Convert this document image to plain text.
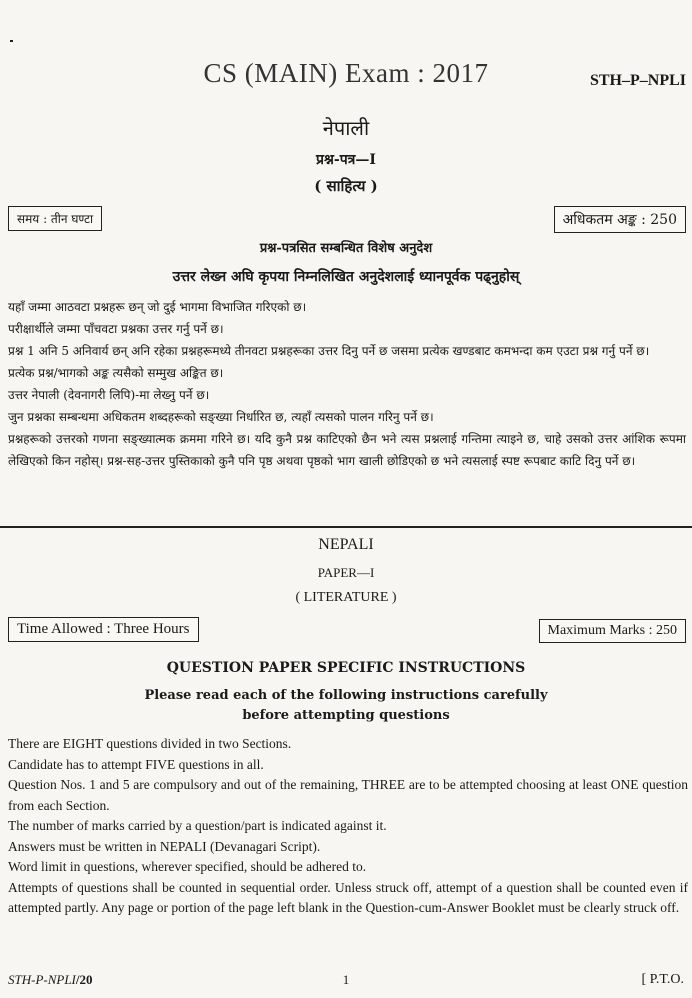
CS (MAIN) Exam : 2017	STH–P–NPLI
नेपाली
प्रश्न-पत्र—I
( साहित्य )
समय : तीन घण्टा	अधिकतम अङ्क : 250
प्रश्न-पत्रसित सम्बन्धित विशेष अनुदेश
उत्तर लेख्न अघि कृपया निम्नलिखित अनुदेशलाई ध्यानपूर्वक पढ्नुहोस्
यहाँ जम्मा आठवटा प्रश्नहरू छन् जो दुई भागमा विभाजित गरिएको छ।
परीक्षार्थीले जम्मा पाँचवटा प्रश्नका उत्तर गर्नु पर्ने छ।
प्रश्न 1 अनि 5 अनिवार्य छन् अनि रहेका प्रश्नहरूमध्ये तीनवटा प्रश्नहरूका उत्तर दिनु पर्ने छ जसमा प्रत्येक खण्डबाट कमभन्दा कम एउटा प्रश्न गर्नु पर्ने छ।
प्रत्येक प्रश्न/भागको अङ्क त्यसैको सम्मुख अङ्कित छ।
उत्तर नेपाली (देवनागरी लिपि)-मा लेख्नु पर्ने छ।
जुन प्रश्नका सम्बन्धमा अधिकतम शब्दहरूको सङ्ख्या निर्धारित छ, त्यहाँ त्यसको पालन गरिनु पर्ने छ।
प्रश्नहरूको उत्तरको गणना सङ्ख्यात्मक क्रममा गरिने छ। यदि कुनै प्रश्न काटिएको छैन भने त्यस प्रश्नलाई गन्तिमा त्याइने छ, चाहे उसको उत्तर आंशिक रूपमा लेखिएको किन नहोस्। प्रश्न-सह-उत्तर पुस्तिकाको कुनै पनि पृष्ठ अथवा पृष्ठको भाग खाली छोडिएको छ भने त्यसलाई स्पष्ट रूपबाट काटि दिनु पर्ने छ।
NEPALI
PAPER—I
( LITERATURE )
Time Allowed : Three Hours	Maximum Marks : 250
QUESTION PAPER SPECIFIC INSTRUCTIONS
Please read each of the following instructions carefully
before attempting questions
There are EIGHT questions divided in two Sections.
Candidate has to attempt FIVE questions in all.
Question Nos. 1 and 5 are compulsory and out of the remaining, THREE are to be attempted choosing at least ONE question from each Section.
The number of marks carried by a question/part is indicated against it.
Answers must be written in NEPALI (Devanagari Script).
Word limit in questions, wherever specified, should be adhered to.
Attempts of questions shall be counted in sequential order. Unless struck off, attempt of a question shall be counted even if attempted partly. Any page or portion of the page left blank in the Question-cum-Answer Booklet must be clearly struck off.
STH-P-NPLI/20	1	[ P.T.O.
